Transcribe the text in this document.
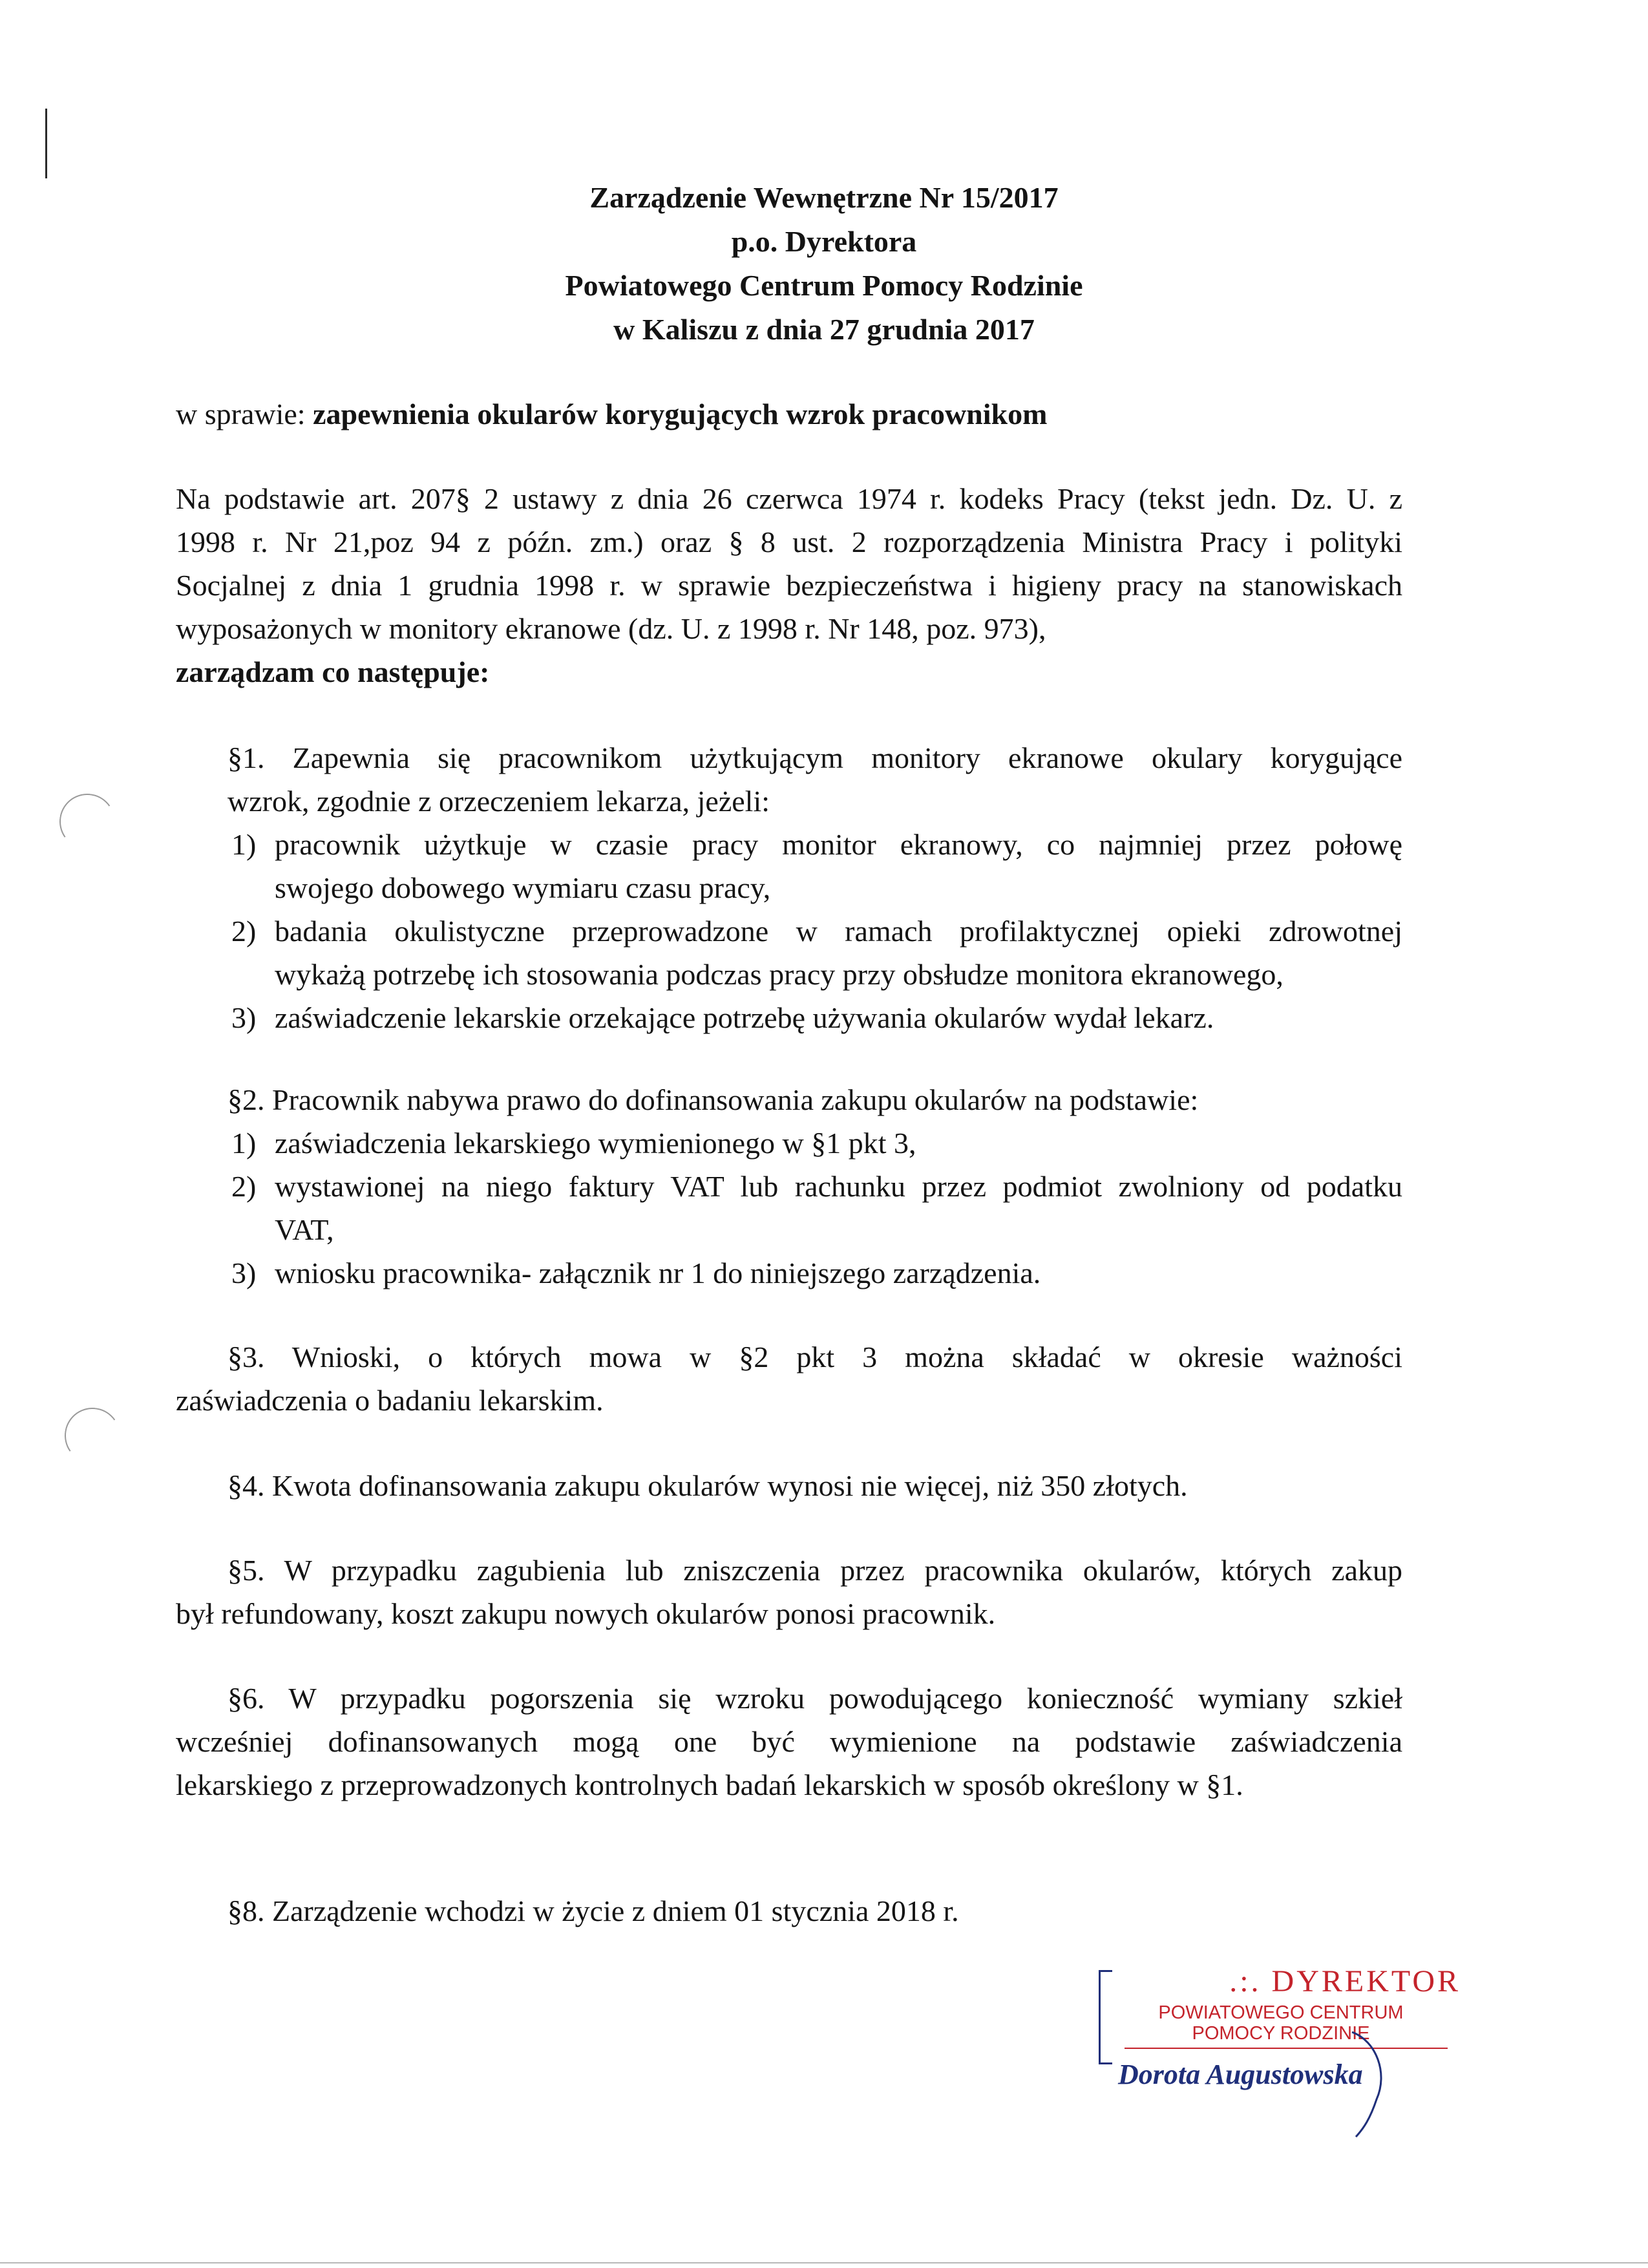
Zarządzenie Wewnętrzne Nr 15/2017
p.o. Dyrektora
Powiatowego Centrum Pomocy Rodzinie
w Kaliszu z dnia 27 grudnia 2017
w sprawie: zapewnienia okularów korygujących wzrok pracownikom

Na podstawie art. 207§ 2 ustawy z dnia 26 czerwca 1974 r. kodeks Pracy (tekst jedn. Dz. U. z

1998 r. Nr 21,poz 94 z późn. zm.) oraz § 8 ust. 2 rozporządzenia Ministra Pracy i polityki

Socjalnej z dnia 1 grudnia 1998 r. w sprawie bezpieczeństwa i higieny pracy na stanowiskach

wyposażonych w monitory ekranowe (dz. U. z 1998 r. Nr 148, poz. 973),

zarządzam co następuje:

§1. Zapewnia się pracownikom użytkującym monitory ekranowe okulary korygujące

wzrok, zgodnie z orzeczeniem lekarza, jeżeli:

1) pracownik użytkuje w czasie pracy monitor ekranowy, co najmniej przez połowę
swojego dobowego wymiaru czasu pracy,
2) badania okulistyczne przeprowadzone w ramach profilaktycznej opieki zdrowotnej
wykażą potrzebę ich stosowania podczas pracy przy obsłudze monitora ekranowego,
3) zaświadczenie lekarskie orzekające potrzebę używania okularów wydał lekarz.

§2. Pracownik nabywa prawo do dofinansowania zakupu okularów na podstawie:

1) zaświadczenia lekarskiego wymienionego w §1 pkt 3,
2) wystawionej na niego faktury VAT lub rachunku przez podmiot zwolniony od podatku
VAT,
3) wniosku pracownika- załącznik nr 1 do niniejszego zarządzenia.

§3. Wnioski, o których mowa w §2 pkt 3 można składać w okresie ważności

zaświadczenia o badaniu lekarskim.

§4. Kwota dofinansowania zakupu okularów wynosi nie więcej, niż 350 złotych.

§5. W przypadku zagubienia lub zniszczenia przez pracownika okularów, których zakup

był refundowany, koszt zakupu nowych okularów ponosi pracownik.

§6. W przypadku pogorszenia się wzroku powodującego konieczność wymiany szkieł

wcześniej dofinansowanych mogą one być wymienione na podstawie zaświadczenia

lekarskiego z przeprowadzonych kontrolnych badań lekarskich w sposób określony w §1.

§8. Zarządzenie wchodzi w życie z dniem 01 stycznia 2018 r.
.:. DYREKTOR
POWIATOWEGO CENTRUM
POMOCY RODZINIE
Dorota Augustowska
